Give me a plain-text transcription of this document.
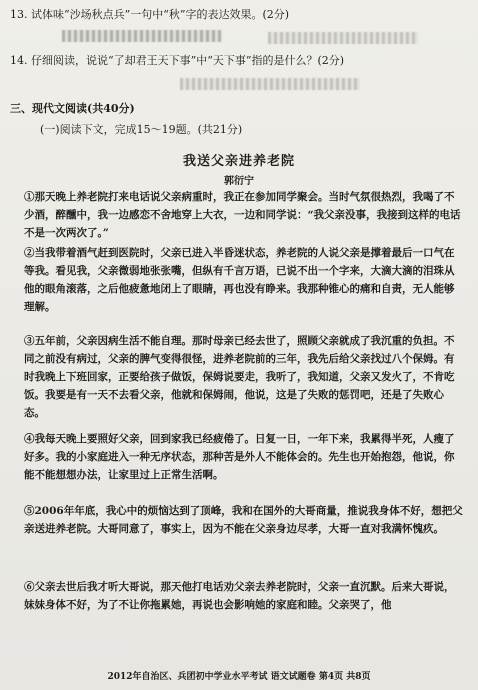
13. 试体味“沙场秋点兵”一句中“秋”字的表达效果。(2分)
14. 仔细阅读，说说“了却君王天下事”中“天下事”指的是什么？(2分)
三、现代文阅读(共40分)
(一)阅读下文，完成15～19题。(共21分)
我送父亲进养老院
郭衍宁
①那天晚上养老院打来电话说父亲病重时，我正在参加同学聚会。当时气氛很热烈，我喝了不少酒，醉醺中，我一边感恋不舍地穿上大衣，一边和同学说：“我父亲没事，我接到这样的电话不是一次两次了。”
②当我带着酒气赶到医院时，父亲已进入半昏迷状态，养老院的人说父亲是撑着最后一口气在等我。看见我，父亲微弱地张张嘴，但纵有千言万语，已说不出一个字来，大滴大滴的泪珠从他的眼角滚落，之后他疲惫地闭上了眼睛，再也没有睁来。我那种锥心的痛和自责，无人能够理解。
③五年前，父亲因病生活不能自理。那时母亲已经去世了，照顾父亲就成了我沉重的负担。不同之前没有病过，父亲的脾气变得很怪，进养老院前的三年，我先后给父亲找过八个保姆。有时我晚上下班回家，正要给孩子做饭，保姆说要走，我听了，我知道，父亲又发火了，不肯吃饭。我要是有一天不去看父亲，他就和保姆闹，他说，这是了失败的惩罚吧，还是了失败心态。
④我每天晚上要照好父亲，回到家我已经疲倦了。日复一日，一年下来，我累得半死，人瘦了好多。我的小家庭进入一种无序状态，那种苦是外人不能体会的。先生也开始抱怨，他说，你能不能想想办法，让家里过上正常生活啊。
⑤2006年年底，我心中的烦恼达到了顶峰，我和在国外的大哥商量，推说我身体不好，想把父亲送进养老院。大哥同意了，事实上，因为不能在父亲身边尽孝，大哥一直对我满怀愧疚。
⑥父亲去世后我才听大哥说，那天他打电话劝父亲去养老院时，父亲一直沉默。后来大哥说，妹妹身体不好，为了不让你拖累她，再说也会影响她的家庭和睦。父亲哭了，他
2012年自治区、兵团初中学业水平考试 语文试题卷 第4页 共8页
